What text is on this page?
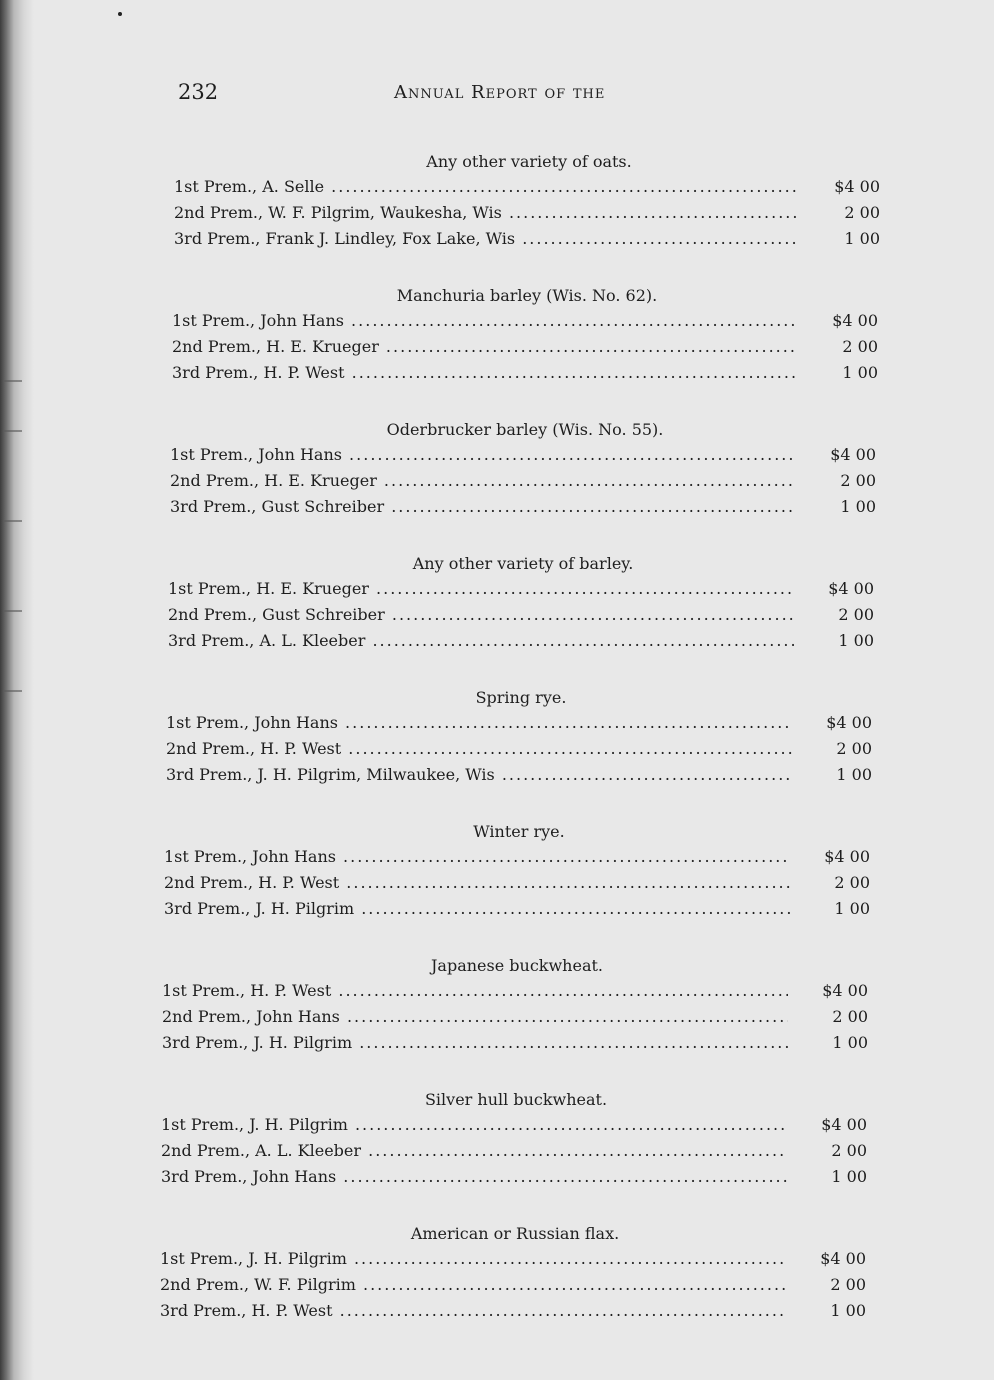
232	Annual Report of the
Any other variety of oats.
1st Prem., A. Selle .....	$4 00
2nd Prem., W. F. Pilgrim, Waukesha, Wis .....	2 00
3rd Prem., Frank J. Lindley, Fox Lake, Wis .....	1 00
Manchuria barley (Wis. No. 62).
1st Prem., John Hans .....	$4 00
2nd Prem., H. E. Krueger .....	2 00
3rd Prem., H. P. West .....	1 00
Oderbrucker barley (Wis. No. 55).
1st Prem., John Hans .....	$4 00
2nd Prem., H. E. Krueger .....	2 00
3rd Prem., Gust Schreiber .....	1 00
Any other variety of barley.
1st Prem., H. E. Krueger .....	$4 00
2nd Prem., Gust Schreiber .....	2 00
3rd Prem., A. L. Kleeber .....	1 00
Spring rye.
1st Prem., John Hans .....	$4 00
2nd Prem., H. P. West .....	2 00
3rd Prem., J. H. Pilgrim, Milwaukee, Wis .....	1 00
Winter rye.
1st Prem., John Hans .....	$4 00
2nd Prem., H. P. West .....	2 00
3rd Prem., J. H. Pilgrim .....	1 00
Japanese buckwheat.
1st Prem., H. P. West .....	$4 00
2nd Prem., John Hans .....	2 00
3rd Prem., J. H. Pilgrim .....	1 00
Silver hull buckwheat.
1st Prem., J. H. Pilgrim .....	$4 00
2nd Prem., A. L. Kleeber .....	2 00
3rd Prem., John Hans .....	1 00
American or Russian flax.
1st Prem., J. H. Pilgrim .....	$4 00
2nd Prem., W. F. Pilgrim .....	2 00
3rd Prem., H. P. West .....	1 00
